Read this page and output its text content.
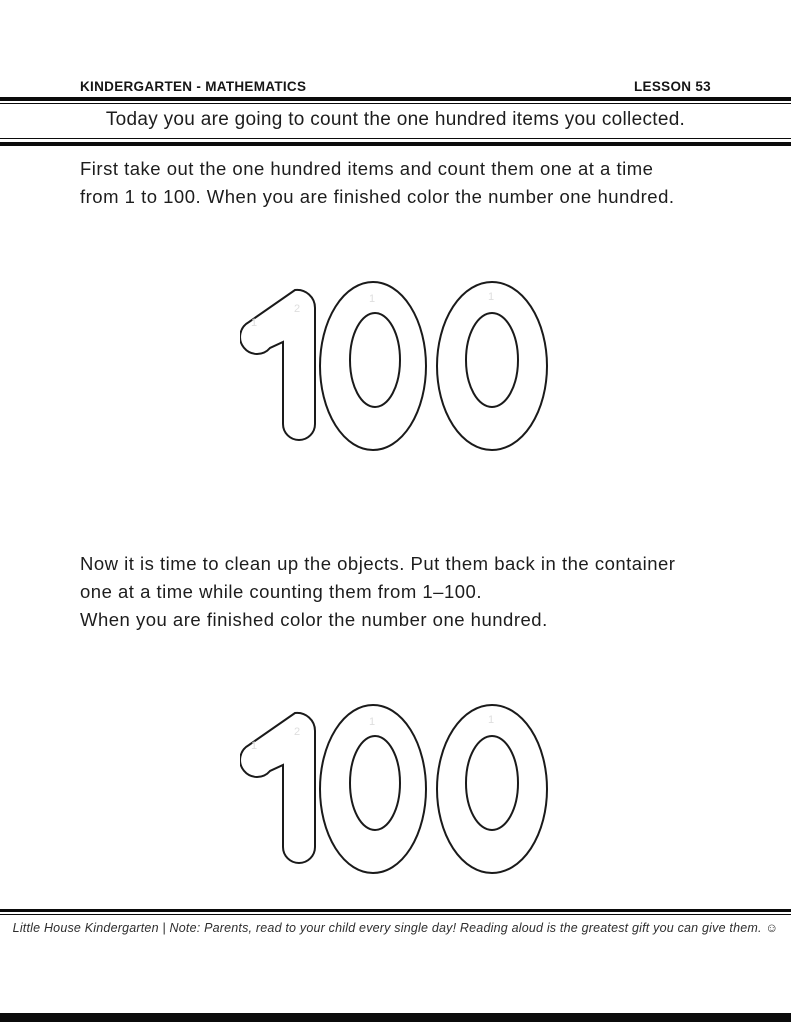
KINDERGARTEN - MATHEMATICS	LESSON 53
Today you are going to count the one hundred items you collected.
First take out the one hundred items and count them one at a time
from 1 to 100. When you are finished color the number one hundred.
1
2
1	1
Now it is time to clean up the objects. Put them back in the container
one at a time while counting them from 1–100.
When you are finished color the number one hundred.
1
2
1	1
Little House Kindergarten | Note: Parents, read to your child every single day! Reading aloud is the greatest gift you can give them. ☺
